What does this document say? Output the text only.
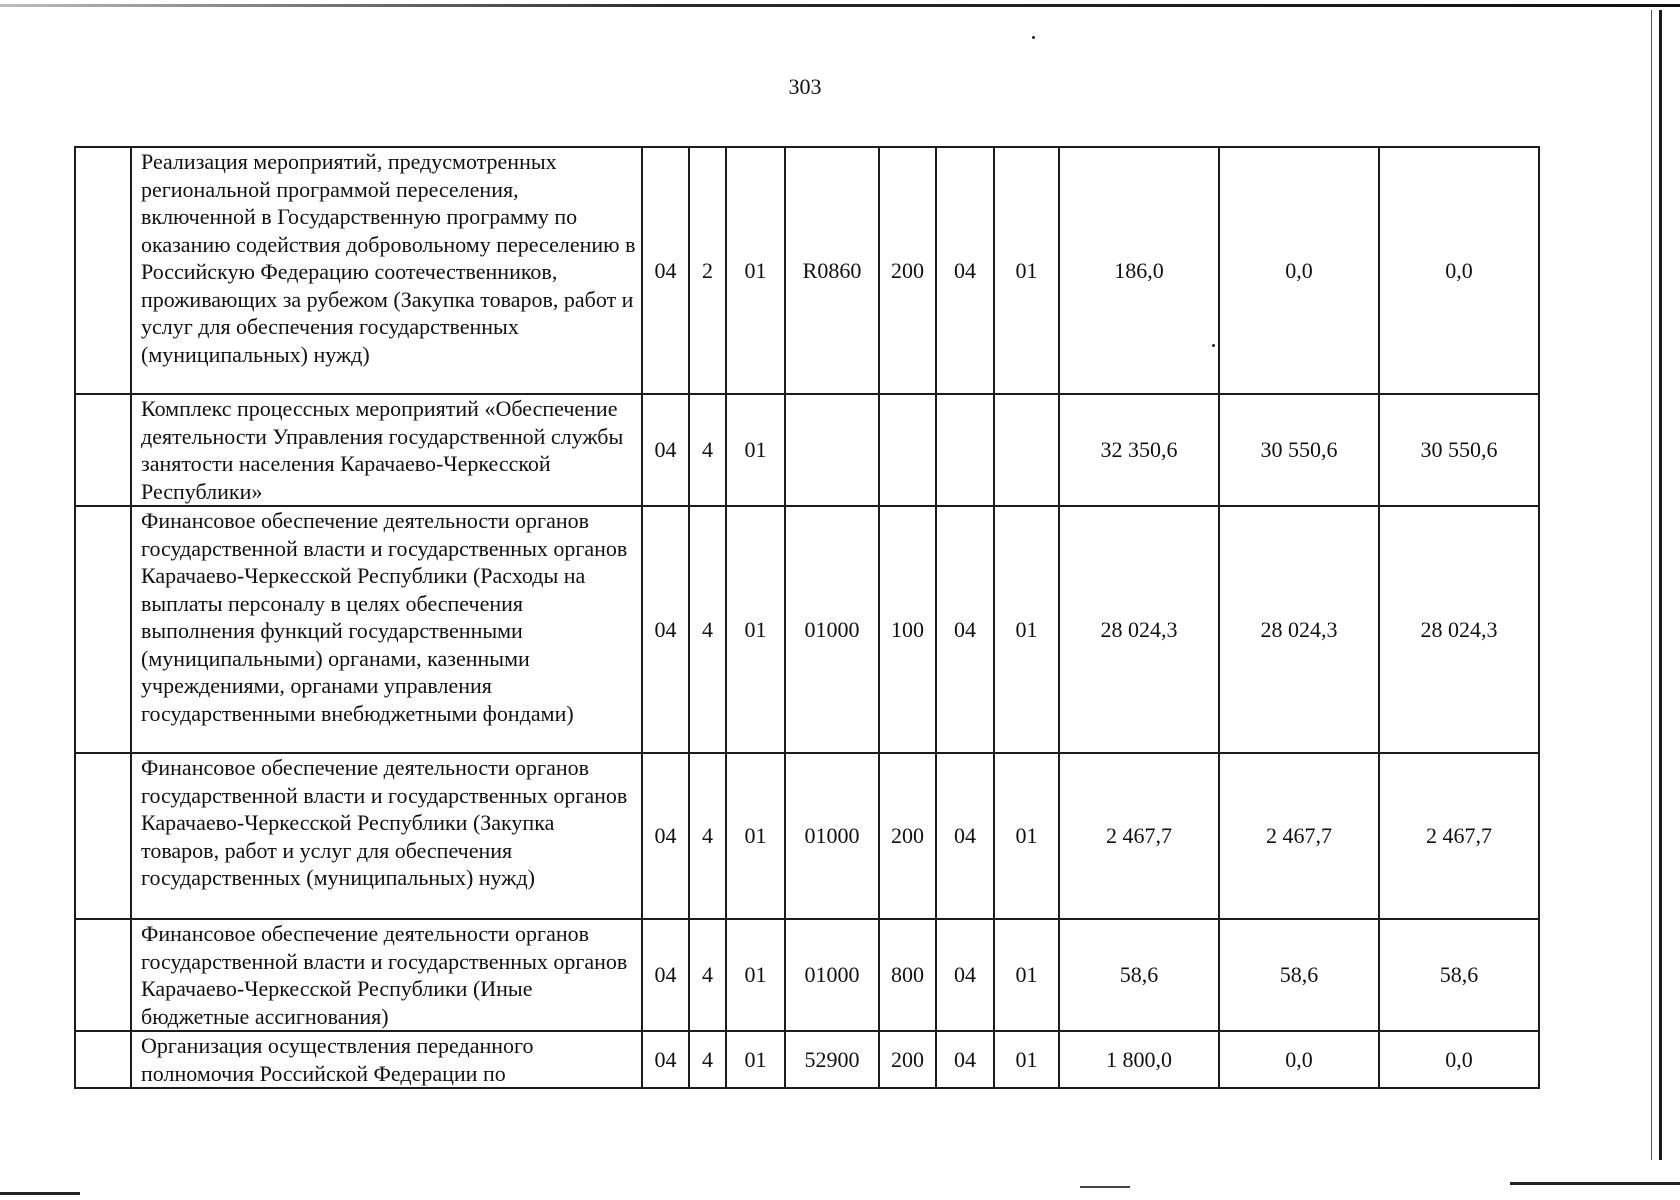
303
	Реализация мероприятий, предусмотренных региональной программой переселения, включенной в Государственную программу по оказанию содействия добровольному переселению в Российскую Федерацию соотечественников, проживающих за рубежом (Закупка товаров, работ и услуг для обеспечения государственных (муниципальных) нужд)	04	2	01	R0860	200	04	01	186,0	0,0	0,0
	Комплекс процессных мероприятий «Обеспечение деятельности Управления государственной службы занятости населения Карачаево-Черкесской Республики»	04	4	01					32 350,6	30 550,6	30 550,6
	Финансовое обеспечение деятельности органов государственной власти и государственных органов Карачаево-Черкесской Республики (Расходы на выплаты персоналу в целях обеспечения выполнения функций государственными (муниципальными) органами, казенными учреждениями, органами управления государственными внебюджетными фондами)	04	4	01	01000	100	04	01	28 024,3	28 024,3	28 024,3
	Финансовое обеспечение деятельности органов государственной власти и государственных органов Карачаево-Черкесской Республики (Закупка товаров, работ и услуг для обеспечения государственных (муниципальных) нужд)	04	4	01	01000	200	04	01	2 467,7	2 467,7	2 467,7
	Финансовое обеспечение деятельности органов государственной власти и государственных органов Карачаево-Черкесской Республики (Иные бюджетные ассигнования)	04	4	01	01000	800	04	01	58,6	58,6	58,6
	Организация осуществления переданного полномочия Российской Федерации по	04	4	01	52900	200	04	01	1 800,0	0,0	0,0
